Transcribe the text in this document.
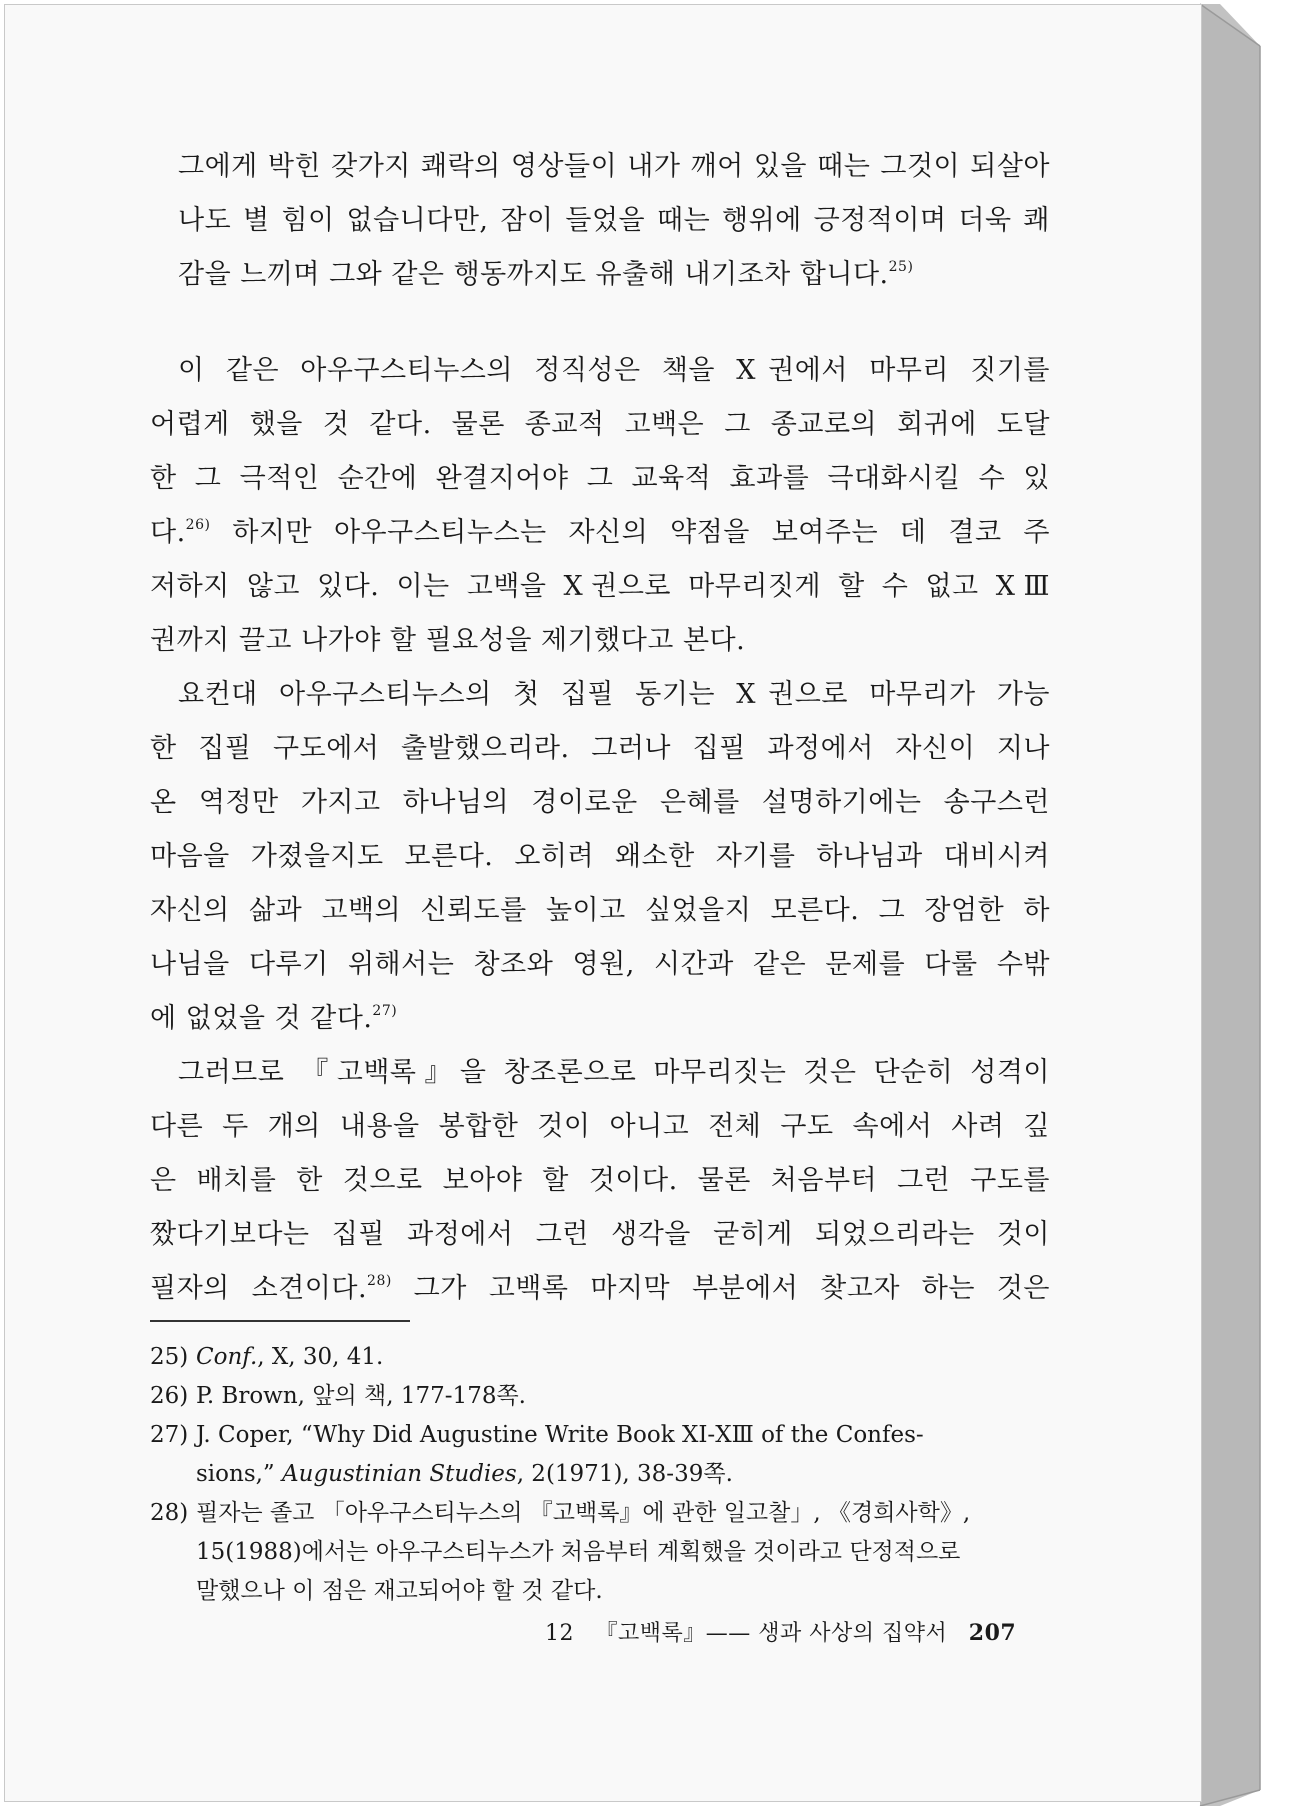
그에게 박힌 갖가지 쾌락의 영상들이 내가 깨어 있을 때는 그것이 되살아
나도 별 힘이 없습니다만, 잠이 들었을 때는 행위에 긍정적이며 더욱 쾌
감을 느끼며 그와 같은 행동까지도 유출해 내기조차 합니다.$^{25)}$
이 같은 아우구스티누스의 정직성은 책을 Ⅹ권에서 마무리 짓기를
어렵게 했을 것 같다. 물론 종교적 고백은 그 종교로의 회귀에 도달
한 그 극적인 순간에 완결지어야 그 교육적 효과를 극대화시킬 수 있
다.$^{26)}$ 하지만 아우구스티누스는 자신의 약점을 보여주는 데 결코 주
저하지 않고 있다. 이는 고백을 Ⅹ권으로 마무리짓게 할 수 없고 ⅩⅢ
권까지 끌고 나가야 할 필요성을 제기했다고 본다.
요컨대 아우구스티누스의 첫 집필 동기는 Ⅹ권으로 마무리가 가능
한 집필 구도에서 출발했으리라. 그러나 집필 과정에서 자신이 지나
온 역정만 가지고 하나님의 경이로운 은혜를 설명하기에는 송구스런
마음을 가졌을지도 모른다. 오히려 왜소한 자기를 하나님과 대비시켜
자신의 삶과 고백의 신뢰도를 높이고 싶었을지 모른다. 그 장엄한 하
나님을 다루기 위해서는 창조와 영원, 시간과 같은 문제를 다룰 수밖
에 없었을 것 같다.$^{27)}$
그러므로 『고백록』을 창조론으로 마무리짓는 것은 단순히 성격이
다른 두 개의 내용을 봉합한 것이 아니고 전체 구도 속에서 사려 깊
은 배치를 한 것으로 보아야 할 것이다. 물론 처음부터 그런 구도를
짰다기보다는 집필 과정에서 그런 생각을 굳히게 되었으리라는 것이
필자의 소견이다.$^{28)}$ 그가 고백록 마지막 부분에서 찾고자 하는 것은
25) Conf., Ⅹ, 30, 41.
26) P. Brown, 앞의 책, 177-178쪽.
27) J. Coper, “Why Did Augustine Write Book ⅩⅠ-ⅩⅢ of the Confes-
sions,” Augustinian Studies, 2(1971), 38-39쪽.
28) 필자는 졸고 「아우구스티누스의 『고백록』에 관한 일고찰」, 《경희사학》,
15(1988)에서는 아우구스티누스가 처음부터 계획했을 것이라고 단정적으로
말했으나 이 점은 재고되어야 할 것 같다.
12 『고백록』—— 생과 사상의 집약서 207
